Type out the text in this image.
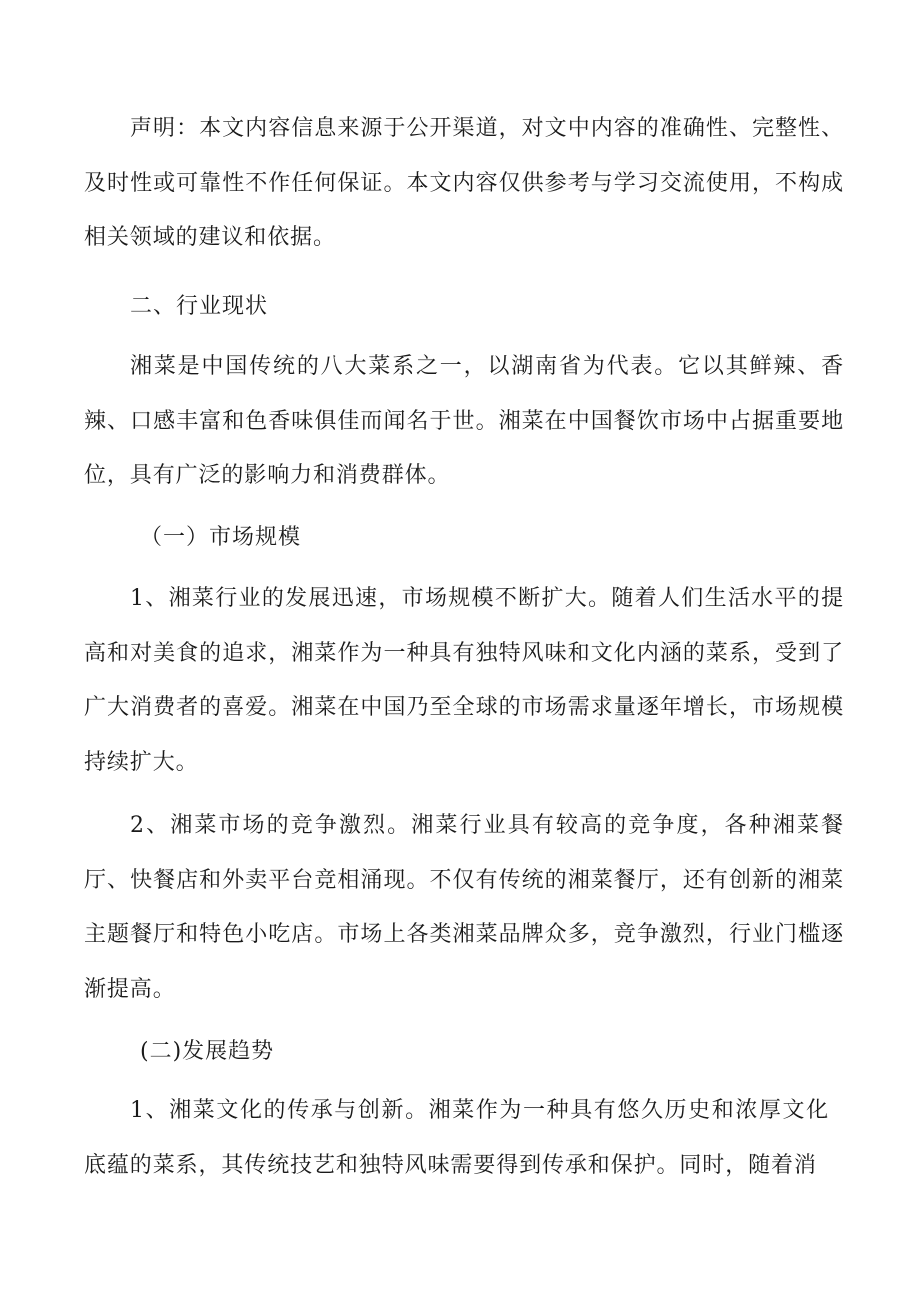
声明：本文内容信息来源于公开渠道，对文中内容的准确性、完整性、及时性或可靠性不作任何保证。本文内容仅供参考与学习交流使用，不构成相关领域的建议和依据。

二、行业现状

湘菜是中国传统的八大菜系之一，以湖南省为代表。它以其鲜辣、香辣、口感丰富和色香味俱佳而闻名于世。湘菜在中国餐饮市场中占据重要地位，具有广泛的影响力和消费群体。

（一）市场规模

1、湘菜行业的发展迅速，市场规模不断扩大。随着人们生活水平的提高和对美食的追求，湘菜作为一种具有独特风味和文化内涵的菜系，受到了广大消费者的喜爱。湘菜在中国乃至全球的市场需求量逐年增长，市场规模持续扩大。

2、湘菜市场的竞争激烈。湘菜行业具有较高的竞争度，各种湘菜餐厅、快餐店和外卖平台竞相涌现。不仅有传统的湘菜餐厅，还有创新的湘菜主题餐厅和特色小吃店。市场上各类湘菜品牌众多，竞争激烈，行业门槛逐渐提高。

(二)发展趋势

1、湘菜文化的传承与创新。湘菜作为一种具有悠久历史和浓厚文化底蕴的菜系，其传统技艺和独特风味需要得到传承和保护。同时，随着消
